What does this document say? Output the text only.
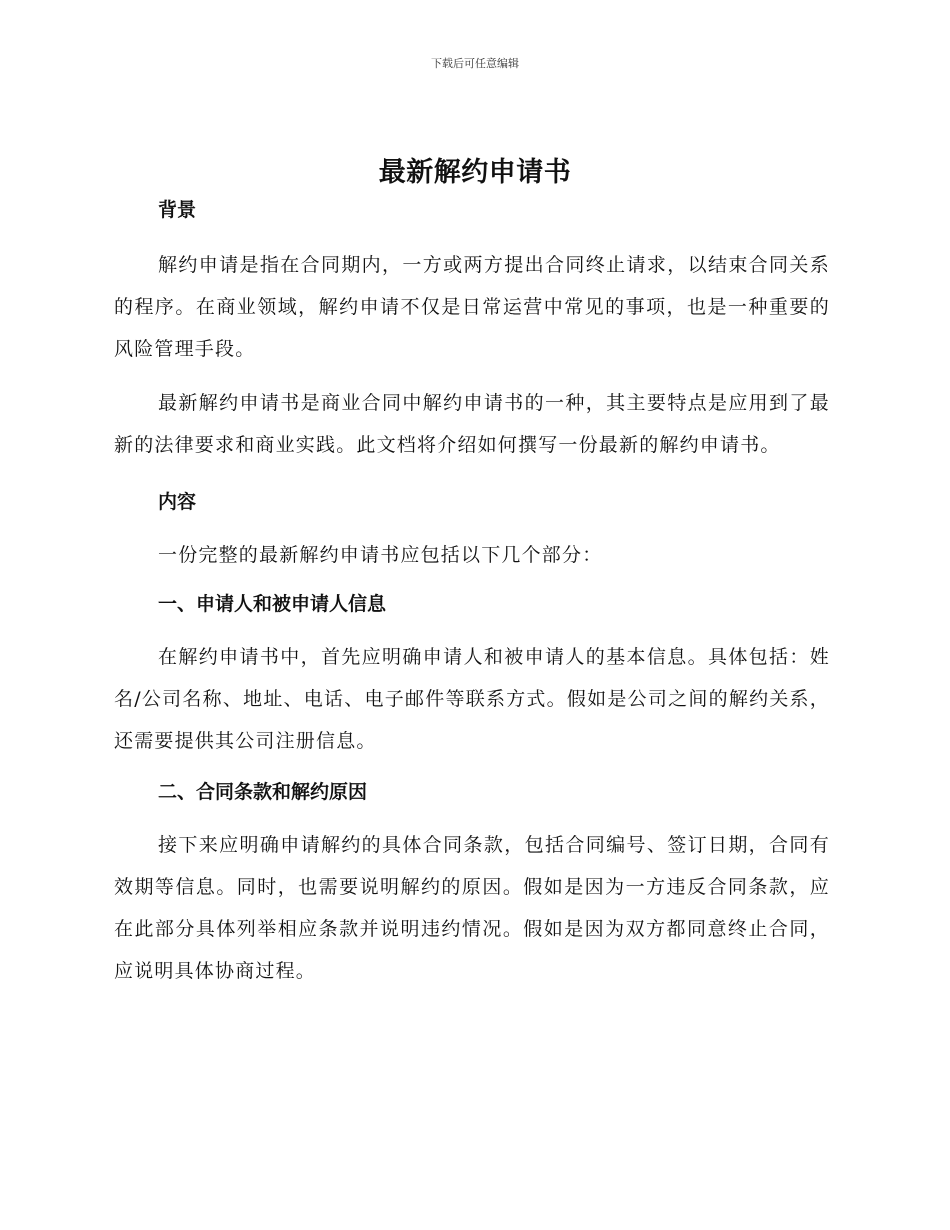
下载后可任意编辑
最新解约申请书

背景

解约申请是指在合同期内，一方或两方提出合同终止请求，以结束合同关系的程序。在商业领域，解约申请不仅是日常运营中常见的事项，也是一种重要的风险管理手段。

最新解约申请书是商业合同中解约申请书的一种，其主要特点是应用到了最新的法律要求和商业实践。此文档将介绍如何撰写一份最新的解约申请书。

内容

一份完整的最新解约申请书应包括以下几个部分：

一、申请人和被申请人信息

在解约申请书中，首先应明确申请人和被申请人的基本信息。具体包括：姓名/公司名称、地址、电话、电子邮件等联系方式。假如是公司之间的解约关系，还需要提供其公司注册信息。

二、合同条款和解约原因

接下来应明确申请解约的具体合同条款，包括合同编号、签订日期，合同有效期等信息。同时，也需要说明解约的原因。假如是因为一方违反合同条款，应在此部分具体列举相应条款并说明违约情况。假如是因为双方都同意终止合同，应说明具体协商过程。
